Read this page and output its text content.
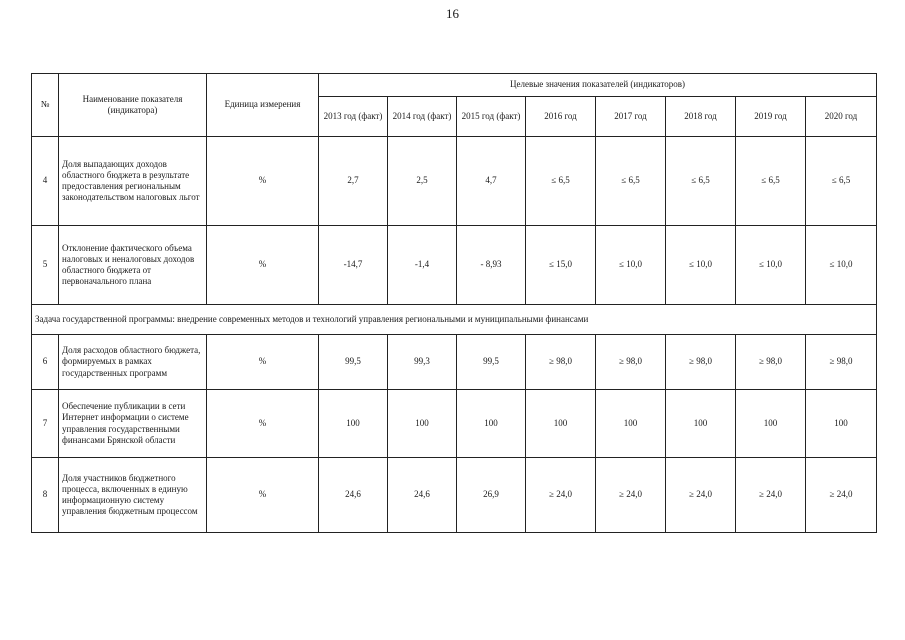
16
№	Наименование показателя (индикатора)	Единица измерения	Целевые значения показателей (индикаторов)							
			2013 год (факт)	2014 год (факт)	2015 год (факт)	2016 год	2017 год	2018 год	2019 год	2020 год
4	Доля выпадающих доходов областного бюджета в результате предоставления региональным законодательством налоговых льгот	%	2,7	2,5	4,7	≤ 6,5	≤ 6,5	≤ 6,5	≤ 6,5	≤ 6,5
5	Отклонение фактического объема налоговых и неналоговых доходов областного бюджета от первоначального плана	%	-14,7	-1,4	- 8,93	≤ 15,0	≤ 10,0	≤ 10,0	≤ 10,0	≤ 10,0
Задача государственной программы: внедрение современных методов и технологий управления региональными и муниципальными финансами										
6	Доля расходов областного бюджета, формируемых в рамках государственных программ	%	99,5	99,3	99,5	≥ 98,0	≥ 98,0	≥ 98,0	≥ 98,0	≥ 98,0
7	Обеспечение публикации в сети Интернет информации о системе управления государственными финансами Брянской области	%	100	100	100	100	100	100	100	100
8	Доля участников бюджетного процесса, включенных в единую информационную систему управления бюджетным процессом	%	24,6	24,6	26,9	≥ 24,0	≥ 24,0	≥ 24,0	≥ 24,0	≥ 24,0
